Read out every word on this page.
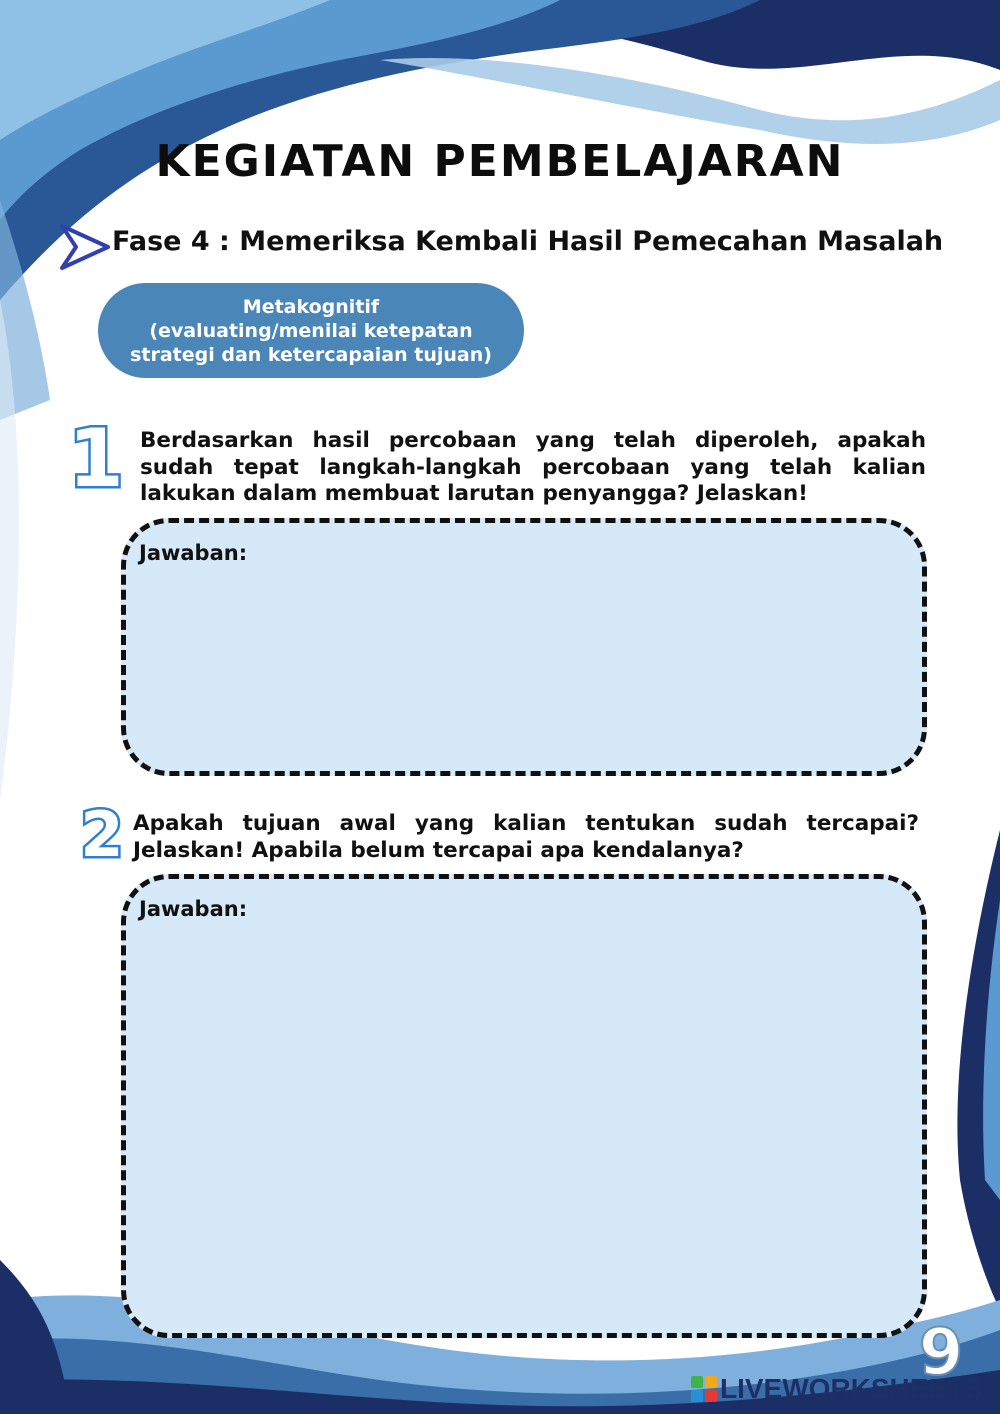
KEGIATAN PEMBELAJARAN
Fase 4 : Memeriksa Kembali Hasil Pemecahan Masalah
Metakognitif
(evaluating/menilai ketepatan
strategi dan ketercapaian tujuan)
1 Berdasarkan hasil percobaan yang telah diperoleh, apakah sudah tepat langkah-langkah percobaan yang telah kalian lakukan dalam membuat larutan penyangga? Jelaskan!
Jawaban:
2 Apakah tujuan awal yang kalian tentukan sudah tercapai? Jelaskan! Apabila belum tercapai apa kendalanya?
Jawaban:
9
LIVEWORKSHEETS
